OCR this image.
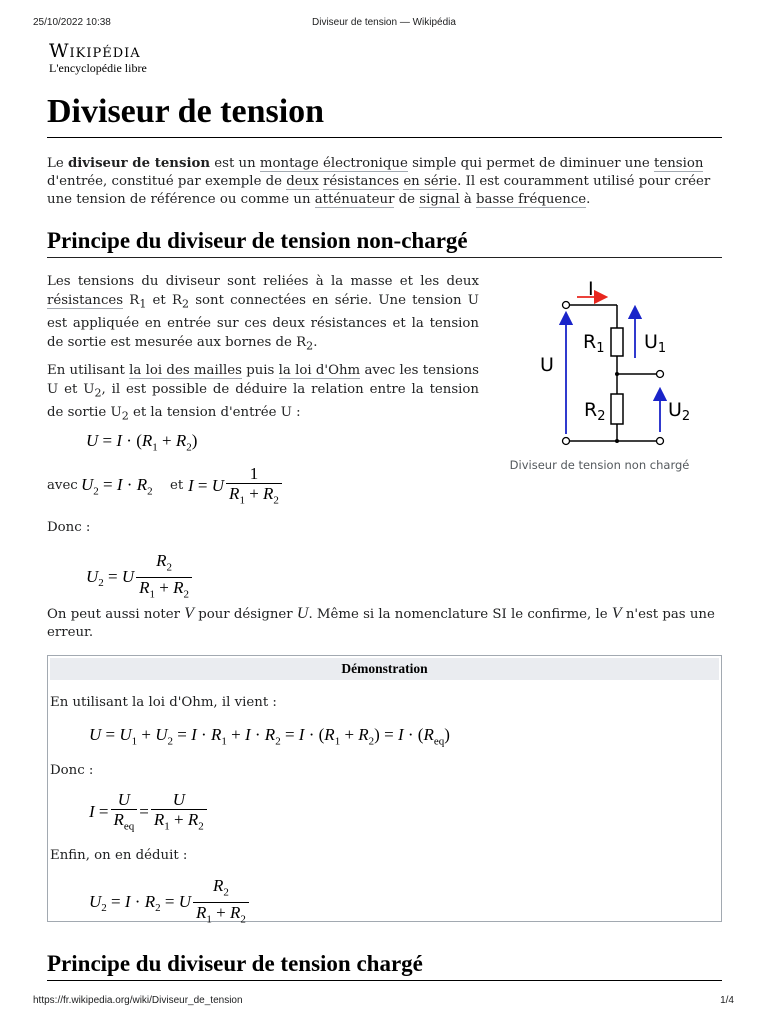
25/10/2022 10:38	Diviseur de tension — Wikipédia
Wikipédia
L'encyclopédie libre
Diviseur de tension

Le diviseur de tension est un montage électronique simple qui permet de diminuer une tension d'entrée, constitué par exemple de deux résistances en série. Il est couramment utilisé pour créer une tension de référence ou comme un atténuateur de signal à basse fréquence.

Principe du diviseur de tension non-chargé

Les tensions du diviseur sont reliées à la masse et les deux résistances $R_1$ et $R_2$ sont connectées en série. Une tension U est appliquée en entrée sur ces deux résistances et la tension de sortie est mesurée aux bornes de $R_2$.

En utilisant la loi des mailles puis la loi d'Ohm avec les tensions U et $U_2$, il est possible de déduire la relation entre la tension de sortie $U_2$ et la tension d'entrée U :

$U = I \cdot (R_1 + R_2)$
avec $U_2 = I \cdot R_2$ et I = U $\frac{1}{R_1 + R_2}$
Donc :
$U_2 = U \frac{R_2}{R_1 + R_2}$

On peut aussi noter V pour désigner U. Même si la nomenclature SI le confirme, le V n'est pas une erreur.

I
U
$R_1$
$R_2$
$U_1$
$U_2$
Diviseur de tension non chargé
Démonstration
En utilisant la loi d'Ohm, il vient :
$U = U_1 + U_2 = I \cdot R_1 + I \cdot R_2 = I \cdot (R_1 + R_2) = I \cdot (R_{eq})$
Donc :
$I = \frac{U}{R_{eq}} = \frac{U}{R_1 + R_2}$
Enfin, on en déduit :
$U_2 = I \cdot R_2 = U \frac{R_2}{R_1 + R_2}$
Principe du diviseur de tension chargé
https://fr.wikipedia.org/wiki/Diviseur_de_tension	1/4
